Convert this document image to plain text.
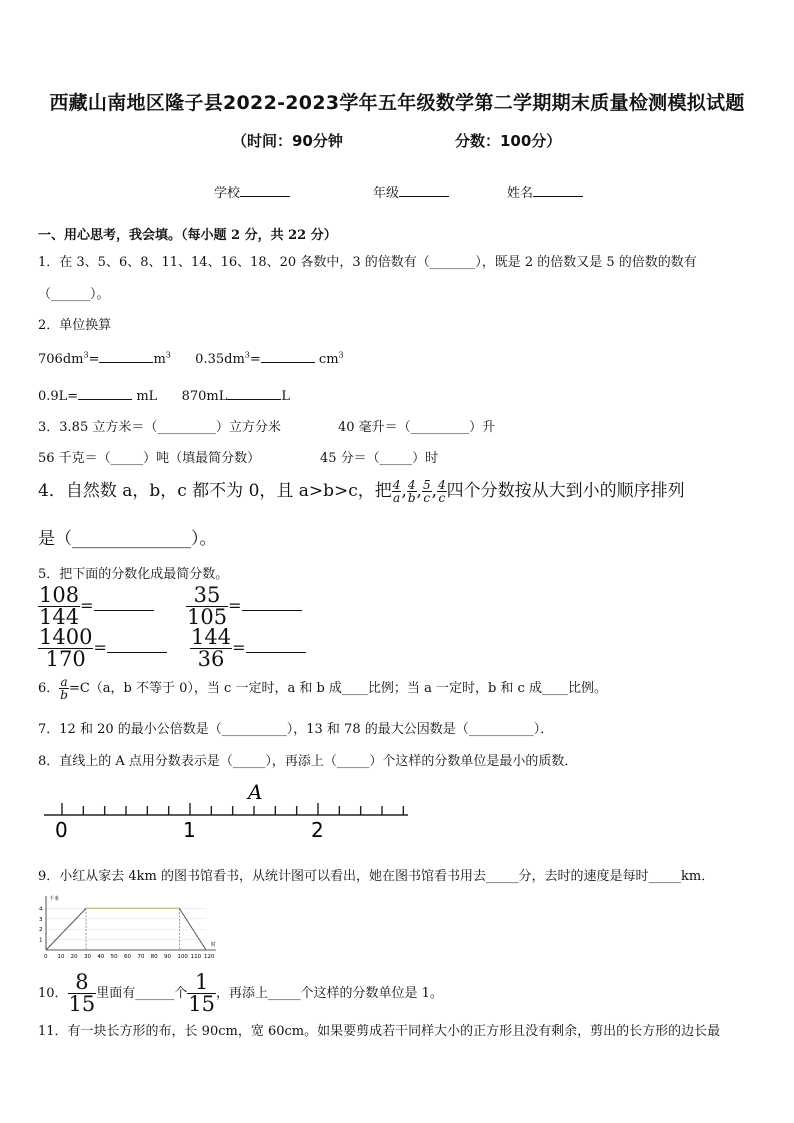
西藏山南地区隆子县2022-2023学年五年级数学第二学期期末质量检测模拟试题
（时间：90分钟	分数：100分）
学校	年级	姓名
一、用心思考，我会填。（每小题 2 分，共 22 分）
1．在 3、5、6、8、11、14、16、18、20 各数中，3 的倍数有（_______），既是 2 的倍数又是 5 的倍数的数有
（______）。
2．单位换算
$706dm^3=$	$m^3$ $0.35dm^3=$	$cm^3$
0.9L=	mL 870mL	L
3．3.85 立方米＝（_________）立方分米	40 毫升＝（_________）升
56 千克＝（_____）吨（填最简分数）	45 分＝（_____）时
4．自然数 a，b，c 都不为 0，且 a>b>c，把 $\frac{4}{a}$ , $\frac{4}{b}$ , $\frac{5}{c}$ , $\frac{4}{c}$ 四个分数按从大到小的顺序排列
是（______________）。
5．把下面的分数化成最简分数。
$\frac{108}{144}$ =	$\frac{35}{105}$ =
$\frac{1400}{170}$ =	$\frac{144}{36}$ =
6． $\frac{a}{b} =C(a$，b 不等于 0），当 c 一定时，a 和 b 成____比例；当 a 一定时，b 和 c 成____比例。
7．12 和 20 的最小公倍数是（__________），13 和 78 的最大公因数是（__________）．
8．直线上的 A 点用分数表示是（_____），再添上（_____）个这样的分数单位是最小的质数．
A
0	1	2
9．小红从家去 4km 的图书馆看书，从统计图可以看出，她在图书馆看书用去_____分，去时的速度是每时_____km．
0 10 20 30 40 50 60 70 80 90 100 110 120
1
2
3
4
时
千米
10． $\frac{8}{15}$ 里面有______个 $\frac{1}{15}$ ，再添上_____个这样的分数单位是 1。
11．有一块长方形的布，长 90cm，宽 60cm。如果要剪成若干同样大小的正方形且没有剩余，剪出的长方形的边长最
